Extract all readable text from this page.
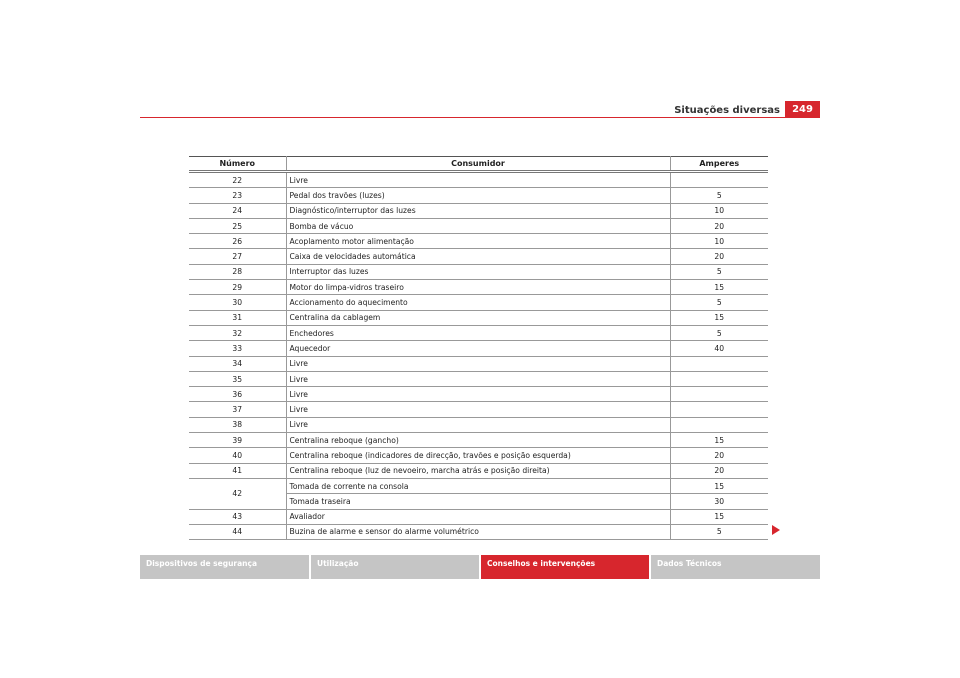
Situações diversas	249
Número	Consumidor	Amperes
22	Livre	
23	Pedal dos travões (luzes)	5
24	Diagnóstico/interruptor das luzes	10
25	Bomba de vácuo	20
26	Acoplamento motor alimentação	10
27	Caixa de velocidades automática	20
28	Interruptor das luzes	5
29	Motor do limpa-vidros traseiro	15
30	Accionamento do aquecimento	5
31	Centralina da cablagem	15
32	Enchedores	5
33	Aquecedor	40
34	Livre	
35	Livre	
36	Livre	
37	Livre	
38	Livre	
39	Centralina reboque (gancho)	15
40	Centralina reboque (indicadores de direcção, travões e posição esquerda)	20
41	Centralina reboque (luz de nevoeiro, marcha atrás e posição direita)	20
42	Tomada de corrente na consola	15
	Tomada traseira	30
43	Avaliador	15
44	Buzina de alarme e sensor do alarme volumétrico	5
Dispositivos de segurança	Utilização	Conselhos e intervenções	Dados Técnicos
